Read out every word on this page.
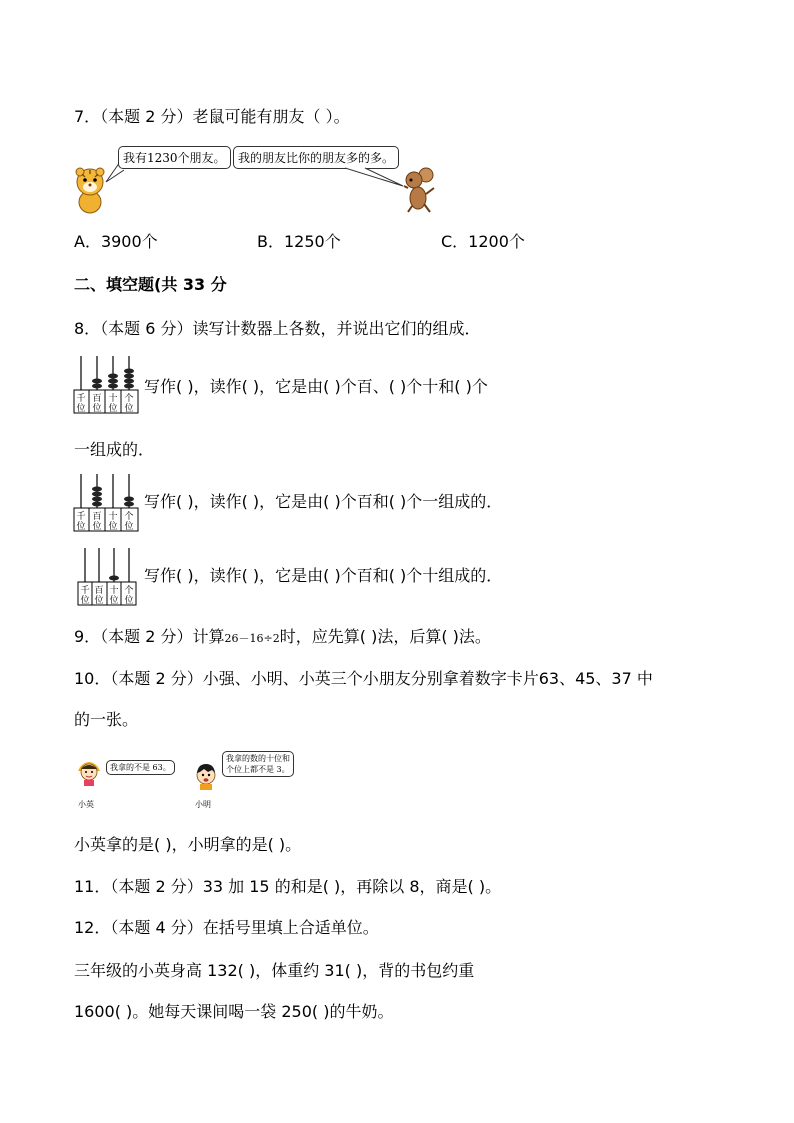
7．（本题 2 分）老鼠可能有朋友（ ）。
我有1230个朋友。	我的朋友比你的朋友多的多。
A．3900个	B．1250个	C．1200个
二、填空题(共 33 分
8．（本题 6 分）读写计数器上各数，并说出它们的组成．
千
位
百
位
十
位
个
位
写作( )，读作( )，它是由( )个百、( )个十和( )个
一组成的．
千
位
百
位
十
位
个
位
写作( )，读作( )，它是由( )个百和( )个一组成的．
千
位
百
位
十
位
个
位
写作( )，读作( )，它是由( )个百和( )个十组成的．
9．（本题 2 分）计算26－16÷2时，应先算( )法，后算( )法。
10．（本题 2 分）小强、小明、小英三个小朋友分别拿着数字卡片63、45、37 中
的一张。
我拿的不是 63。
小英
我拿的数的十位和
个位上都不是 3。
小明
小英拿的是( )，小明拿的是( )。
11．（本题 2 分）33 加 15 的和是( )，再除以 8，商是( )。
12．（本题 4 分）在括号里填上合适单位。
三年级的小英身高 132( )，体重约 31( )，背的书包约重
1600( )。她每天课间喝一袋 250( )的牛奶。
